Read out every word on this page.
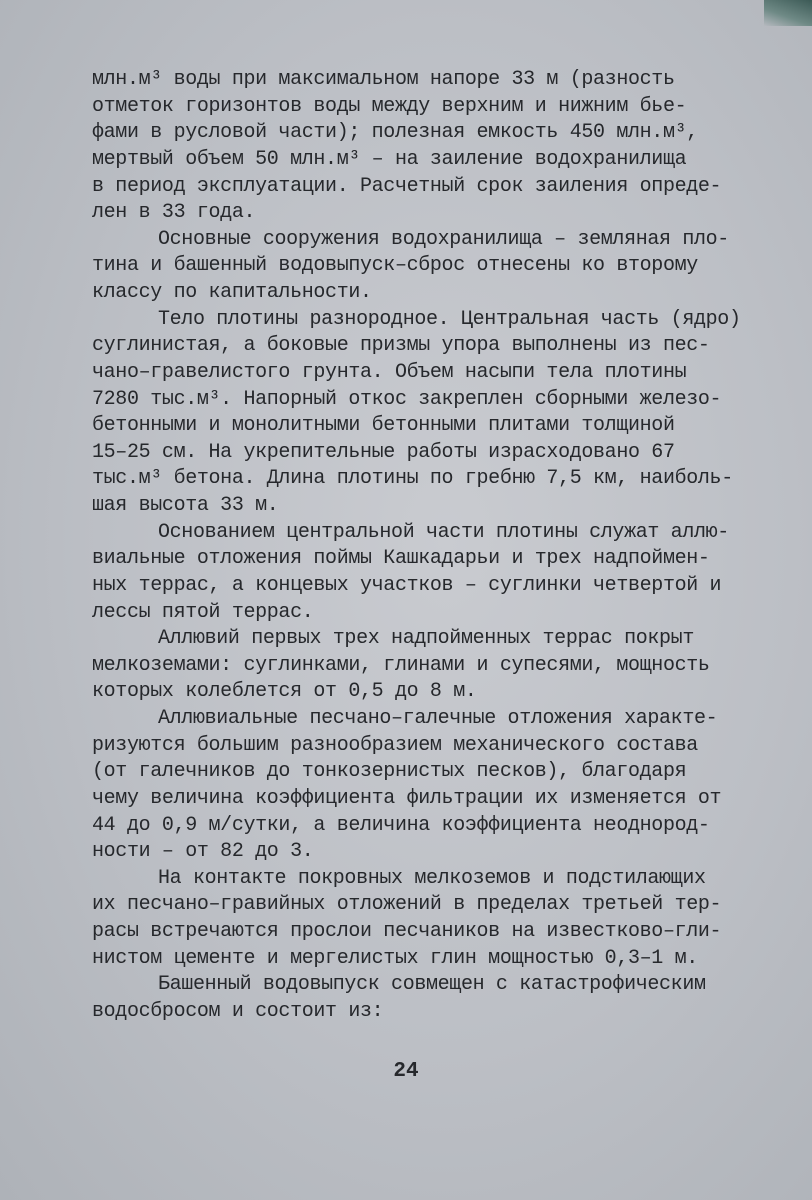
млн.м³ воды при максимальном напоре 33 м (разность
отметок горизонтов воды между верхним и нижним бье-
фами в русловой части); полезная емкость 450 млн.м³,
мертвый объем 50 млн.м³ – на заиление водохранилища
в период эксплуатации. Расчетный срок заиления опреде-
лен в 33 года.
Основные сооружения водохранилища – земляная пло-
тина и башенный водовыпуск–сброс отнесены ко второму
классу по капитальности.
Тело плотины разнородное. Центральная часть (ядро)
суглинистая, а боковые призмы упора выполнены из пес-
чано–гравелистого грунта. Объем насыпи тела плотины
7280 тыс.м³. Напорный откос закреплен сборными железо-
бетонными и монолитными бетонными плитами толщиной
15–25 см. На укрепительные работы израсходовано 67
тыс.м³ бетона. Длина плотины по гребню 7,5 км, наиболь-
шая высота 33 м.
Основанием центральной части плотины служат аллю-
виальные отложения поймы Кашкадарьи и трех надпоймен-
ных террас, а концевых участков – суглинки четвертой и
лессы пятой террас.
Аллювий первых трех надпойменных террас покрыт
мелкоземами: суглинками, глинами и супесями, мощность
которых колеблется от 0,5 до 8 м.
Аллювиальные песчано–галечные отложения характе-
ризуются большим разнообразием механического состава
(от галечников до тонкозернистых песков), благодаря
чему величина коэффициента фильтрации их изменяется от
44 до 0,9 м/сутки, а величина коэффициента неоднород-
ности – от 82 до 3.
На контакте покровных мелкоземов и подстилающих
их песчано–гравийных отложений в пределах третьей тер-
расы встречаются прослои песчаников на известково–гли-
нистом цементе и мергелистых глин мощностью 0,3–1 м.
Башенный водовыпуск совмещен с катастрофическим
водосбросом и состоит из:
24
